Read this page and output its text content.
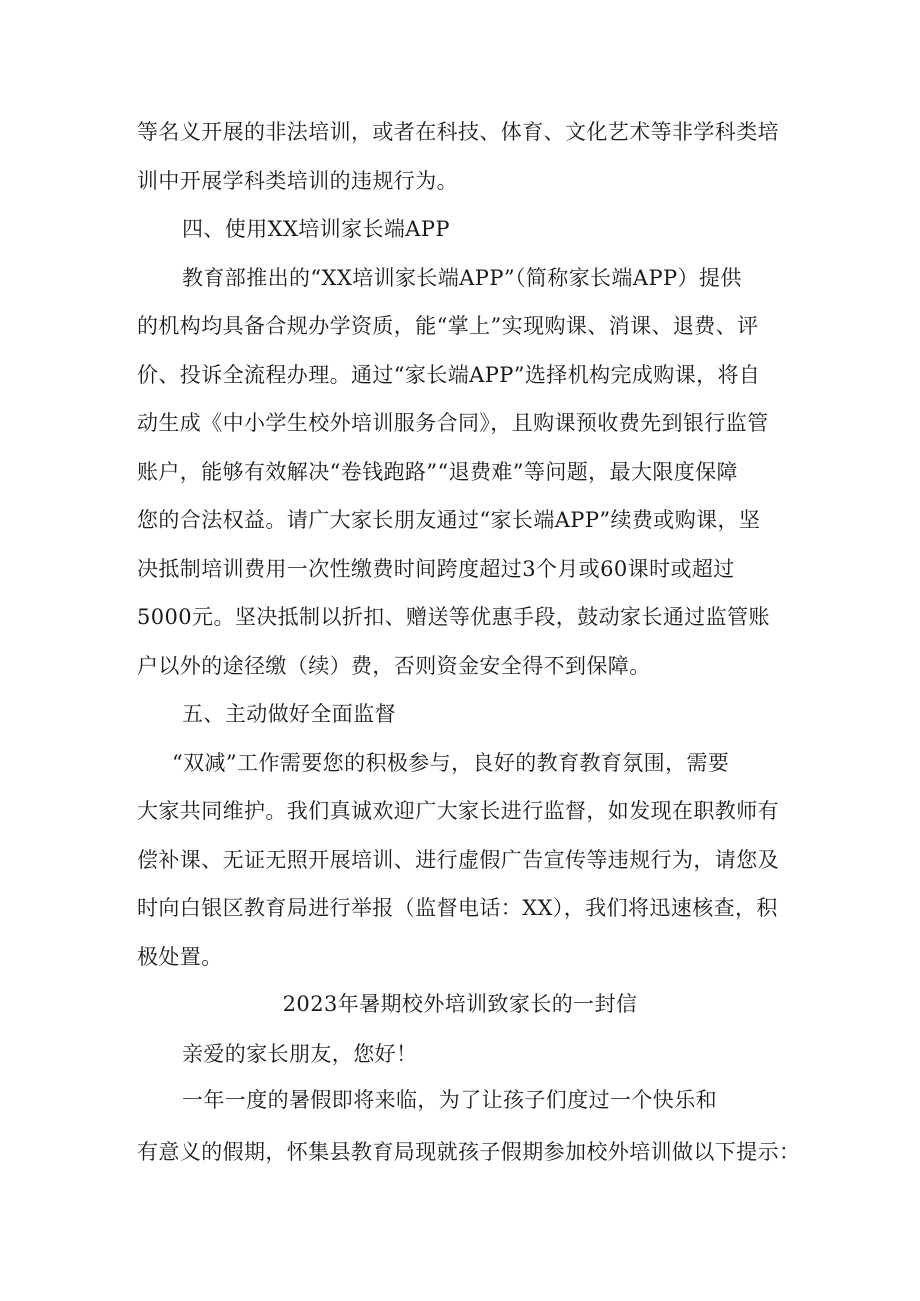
等名义开展的非法培训，或者在科技、体育、文化艺术等非学科类培
训中开展学科类培训的违规行为。
四、使用XX培训家长端APP
教育部推出的“XX培训家长端APP”（简称家长端APP）提供
的机构均具备合规办学资质，能“掌上”实现购课、消课、退费、评
价、投诉全流程办理。通过“家长端APP”选择机构完成购课，将自
动生成《中小学生校外培训服务合同》，且购课预收费先到银行监管
账户，能够有效解决“卷钱跑路”“退费难”等问题，最大限度保障
您的合法权益。请广大家长朋友通过“家长端APP”续费或购课，坚
决抵制培训费用一次性缴费时间跨度超过3个月或60课时或超过
5000元。坚决抵制以折扣、赠送等优惠手段，鼓动家长通过监管账
户以外的途径缴（续）费，否则资金安全得不到保障。
五、主动做好全面监督
“双减”工作需要您的积极参与，良好的教育教育氛围，需要
大家共同维护。我们真诚欢迎广大家长进行监督，如发现在职教师有
偿补课、无证无照开展培训、进行虚假广告宣传等违规行为，请您及
时向白银区教育局进行举报（监督电话：XX），我们将迅速核查，积
极处置。
2023年暑期校外培训致家长的一封信
亲爱的家长朋友，您好！
一年一度的暑假即将来临，为了让孩子们度过一个快乐和
有意义的假期，怀集县教育局现就孩子假期参加校外培训做以下提示：
